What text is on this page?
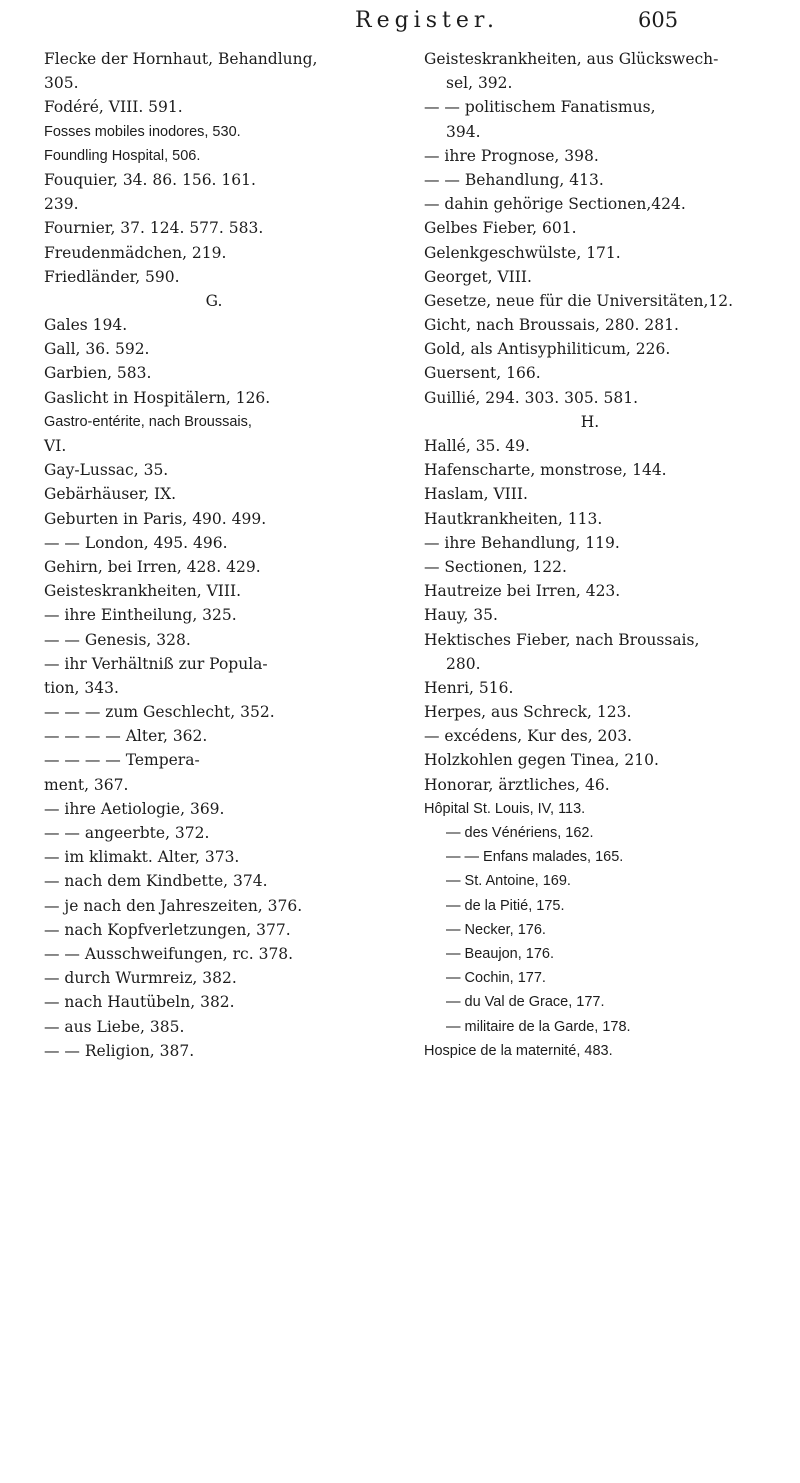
Register.	605
Flecke der Hornhaut, Behandlung,
305.
Fodéré, VIII. 591.
Fosses mobiles inodores, 530.
Foundling Hospital, 506.
Fouquier, 34. 86. 156. 161.
239.
Fournier, 37. 124. 577. 583.
Freudenmädchen, 219.
Friedländer, 590.
G.
Gales 194.
Gall, 36. 592.
Garbien, 583.
Gaslicht in Hospitälern, 126.
Gastro-entérite, nach Broussais,
VI.
Gay-Lussac, 35.
Gebärhäuser, IX.
Geburten in Paris, 490. 499.
— — London, 495. 496.
Gehirn, bei Irren, 428. 429.
Geisteskrankheiten, VIII.
— ihre Eintheilung, 325.
— — Genesis, 328.
— ihr Verhältniß zur Popula-
tion, 343.
— — — zum Geschlecht, 352.
— — — — Alter, 362.
— — — — Tempera-
ment, 367.
— ihre Aetiologie, 369.
— — angeerbte, 372.
— im klimakt. Alter, 373.
— nach dem Kindbette, 374.
— je nach den Jahreszeiten, 376.
— nach Kopfverletzungen, 377.
— — Ausschweifungen, rc. 378.
— durch Wurmreiz, 382.
— nach Hautübeln, 382.
— aus Liebe, 385.
— — Religion, 387.
Geisteskrankheiten, aus Glückswech-
sel, 392.
— — politischem Fanatismus,
394.
— ihre Prognose, 398.
— — Behandlung, 413.
— dahin gehörige Sectionen,424.
Gelbes Fieber, 601.
Gelenkgeschwülste, 171.
Georget, VIII.
Gesetze, neue für die Universitäten,12.
Gicht, nach Broussais, 280. 281.
Gold, als Antisyphiliticum, 226.
Guersent, 166.
Guillié, 294. 303. 305. 581.
H.
Hallé, 35. 49.
Hafenscharte, monstrose, 144.
Haslam, VIII.
Hautkrankheiten, 113.
— ihre Behandlung, 119.
— Sectionen, 122.
Hautreize bei Irren, 423.
Hauy, 35.
Hektisches Fieber, nach Broussais,
280.
Henri, 516.
Herpes, aus Schreck, 123.
— excédens, Kur des, 203.
Holzkohlen gegen Tinea, 210.
Honorar, ärztliches, 46.
Hôpital St. Louis, IV, 113.
— des Vénériens, 162.
— — Enfans malades, 165.
— St. Antoine, 169.
— de la Pitié, 175.
— Necker, 176.
— Beaujon, 176.
— Cochin, 177.
— du Val de Grace, 177.
— militaire de la Garde, 178.
Hospice de la maternité, 483.
